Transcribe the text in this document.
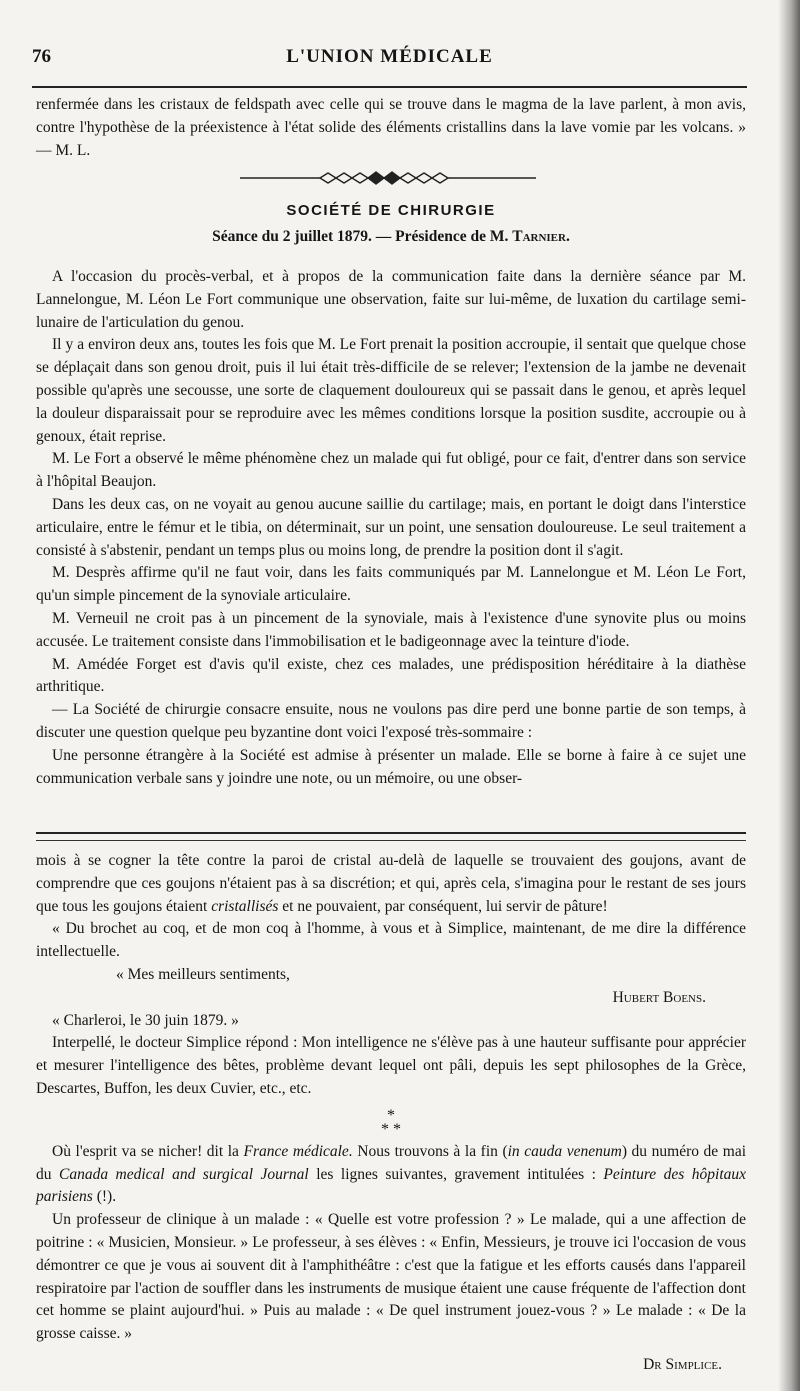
76	L'UNION MÉDICALE

renfermée dans les cristaux de feldspath avec celle qui se trouve dans le magma de la lave parlent, à mon avis, contre l'hypothèse de la préexistence à l'état solide des éléments cristallins dans la lave vomie par les volcans. » — M. L.

SOCIÉTÉ DE CHIRURGIE
Séance du 2 juillet 1879. — Présidence de M. Tarnier.

A l'occasion du procès-verbal, et à propos de la communication faite dans la dernière séance par M. Lannelongue, M. Léon Le Fort communique une observation, faite sur lui-même, de luxation du cartilage semi-lunaire de l'articulation du genou.

Il y a environ deux ans, toutes les fois que M. Le Fort prenait la position accroupie, il sentait que quelque chose se déplaçait dans son genou droit, puis il lui était très-difficile de se relever; l'extension de la jambe ne devenait possible qu'après une secousse, une sorte de claquement douloureux qui se passait dans le genou, et après lequel la douleur disparaissait pour se reproduire avec les mêmes conditions lorsque la position susdite, accroupie ou à genoux, était reprise.

M. Le Fort a observé le même phénomène chez un malade qui fut obligé, pour ce fait, d'entrer dans son service à l'hôpital Beaujon.

Dans les deux cas, on ne voyait au genou aucune saillie du cartilage; mais, en portant le doigt dans l'interstice articulaire, entre le fémur et le tibia, on déterminait, sur un point, une sensation douloureuse. Le seul traitement a consisté à s'abstenir, pendant un temps plus ou moins long, de prendre la position dont il s'agit.

M. Desprès affirme qu'il ne faut voir, dans les faits communiqués par M. Lannelongue et M. Léon Le Fort, qu'un simple pincement de la synoviale articulaire.

M. Verneuil ne croit pas à un pincement de la synoviale, mais à l'existence d'une synovite plus ou moins accusée. Le traitement consiste dans l'immobilisation et le badigeonnage avec la teinture d'iode.

M. Amédée Forget est d'avis qu'il existe, chez ces malades, une prédisposition héréditaire à la diathèse arthritique.

— La Société de chirurgie consacre ensuite, nous ne voulons pas dire perd une bonne partie de son temps, à discuter une question quelque peu byzantine dont voici l'exposé très-sommaire :

Une personne étrangère à la Société est admise à présenter un malade. Elle se borne à faire à ce sujet une communication verbale sans y joindre une note, ou un mémoire, ou une obser-

mois à se cogner la tête contre la paroi de cristal au-delà de laquelle se trouvaient des goujons, avant de comprendre que ces goujons n'étaient pas à sa discrétion; et qui, après cela, s'imagina pour le restant de ses jours que tous les goujons étaient cristallisés et ne pouvaient, par conséquent, lui servir de pâture!

« Du brochet au coq, et de mon coq à l'homme, à vous et à Simplice, maintenant, de me dire la différence intellectuelle.

« Mes meilleurs sentiments,

Hubert Boens.

« Charleroi, le 30 juin 1879. »

Interpellé, le docteur Simplice répond : Mon intelligence ne s'élève pas à une hauteur suffisante pour apprécier et mesurer l'intelligence des bêtes, problème devant lequel ont pâli, depuis les sept philosophes de la Grèce, Descartes, Buffon, les deux Cuvier, etc., etc.

*
* *

Où l'esprit va se nicher! dit la France médicale. Nous trouvons à la fin (in cauda venenum) du numéro de mai du Canada medical and surgical Journal les lignes suivantes, gravement intitulées : Peinture des hôpitaux parisiens (!).

Un professeur de clinique à un malade : « Quelle est votre profession ? » Le malade, qui a une affection de poitrine : « Musicien, Monsieur. » Le professeur, à ses élèves : « Enfin, Messieurs, je trouve ici l'occasion de vous démontrer ce que je vous ai souvent dit à l'amphithéâtre : c'est que la fatigue et les efforts causés dans l'appareil respiratoire par l'action de souffler dans les instruments de musique étaient une cause fréquente de l'affection dont cet homme se plaint aujourd'hui. » Puis au malade : « De quel instrument jouez-vous ? » Le malade : « De la grosse caisse. »

Dr Simplice.
